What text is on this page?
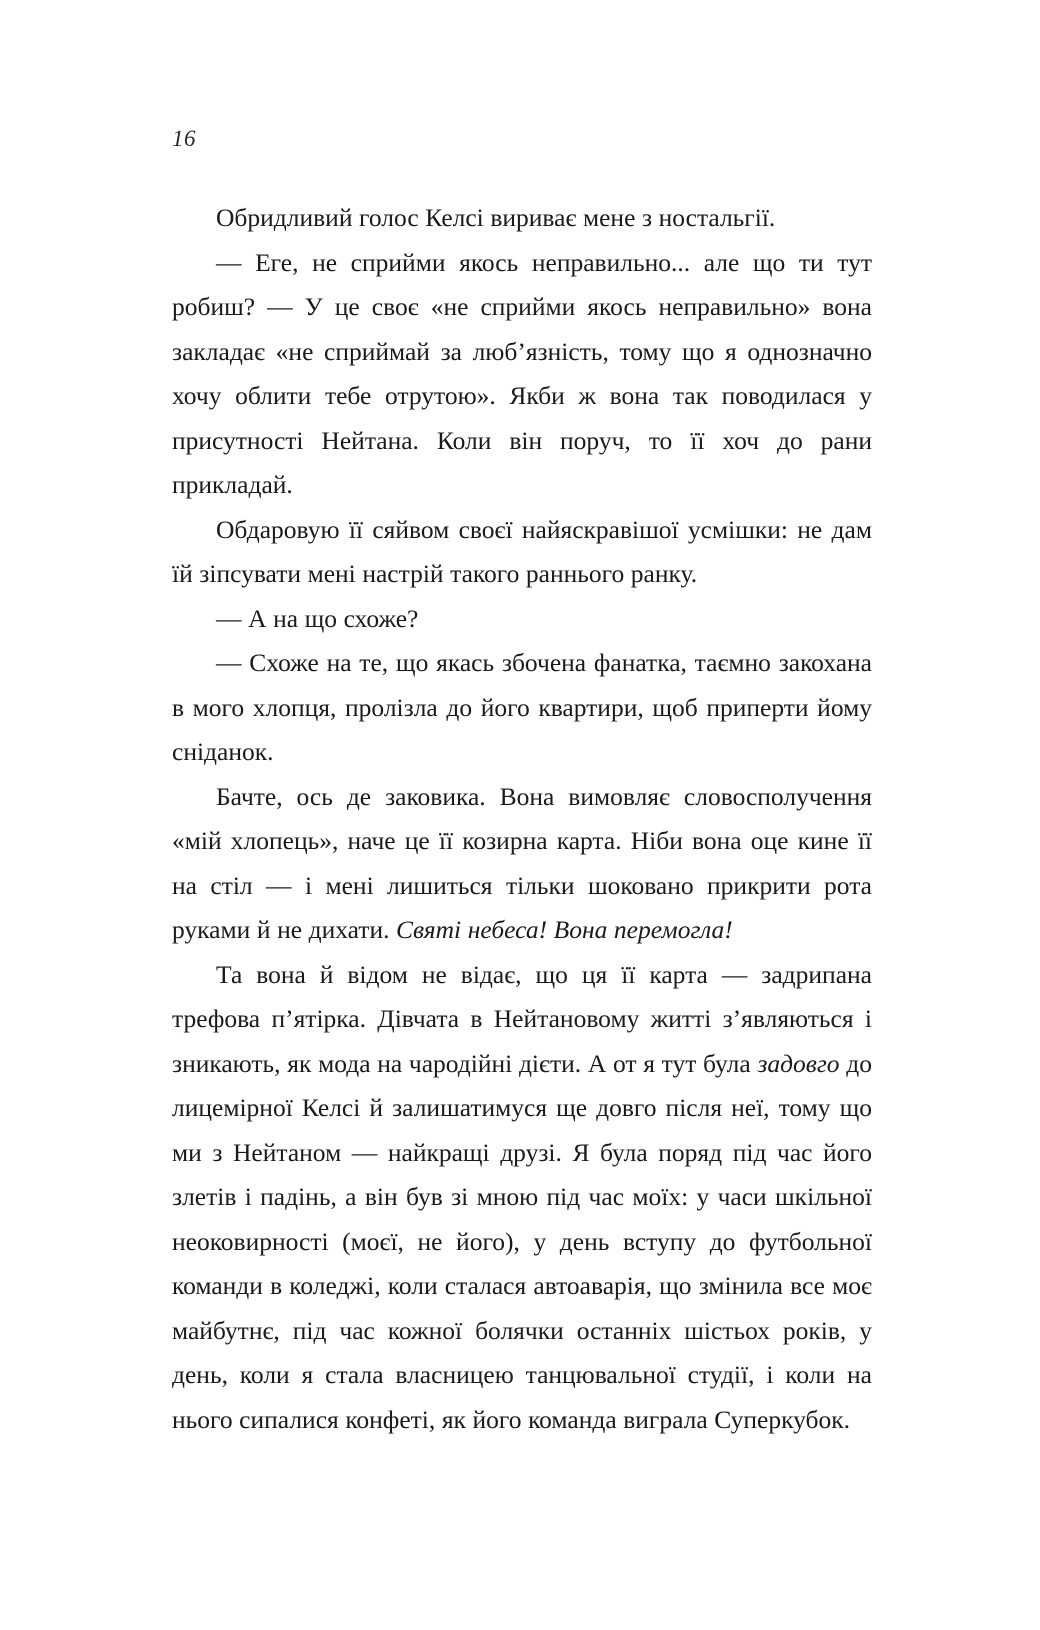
16

Обридливий голос Келсі вириває мене з ностальгії.

— Еге, не сприйми якось неправильно... але що ти тут робиш? — У це своє «не сприйми якось неправильно» вона закладає «не сприймай за люб’язність, тому що я однозначно хочу облити тебе отрутою». Якби ж вона так поводилася у присутності Нейтана. Коли він поруч, то її хоч до рани прикладай.

Обдаровую її сяйвом своєї найяскравішої усмішки: не дам їй зіпсувати мені настрій такого раннього ранку.

— А на що схоже?

— Схоже на те, що якась збочена фанатка, таємно закохана в мого хлопця, пролізла до його квартири, щоб приперти йому сніданок.

Бачте, ось де заковика. Вона вимовляє словосполучення «мій хлопець», наче це її козирна карта. Ніби вона оце кине її на стіл — і мені лишиться тільки шоковано прикрити рота руками й не дихати. Святі небеса! Вона перемогла!

Та вона й відом не відає, що ця її карта — задрипана трефова п’ятірка. Дівчата в Нейтановому житті з’являються і зникають, як мода на чародійні дієти. А от я тут була задовго до лицемірної Келсі й залишатимуся ще довго після неї, тому що ми з Нейтаном — найкращі друзі. Я була поряд під час його злетів і падінь, а він був зі мною під час моїх: у часи шкільної неоковирності (моєї, не його), у день вступу до футбольної команди в коледжі, коли сталася автоаварія, що змінила все моє майбутнє, під час кожної болячки останніх шістьох років, у день, коли я стала власницею танцювальної студії, і коли на нього сипалися конфеті, як його команда виграла Суперкубок.
